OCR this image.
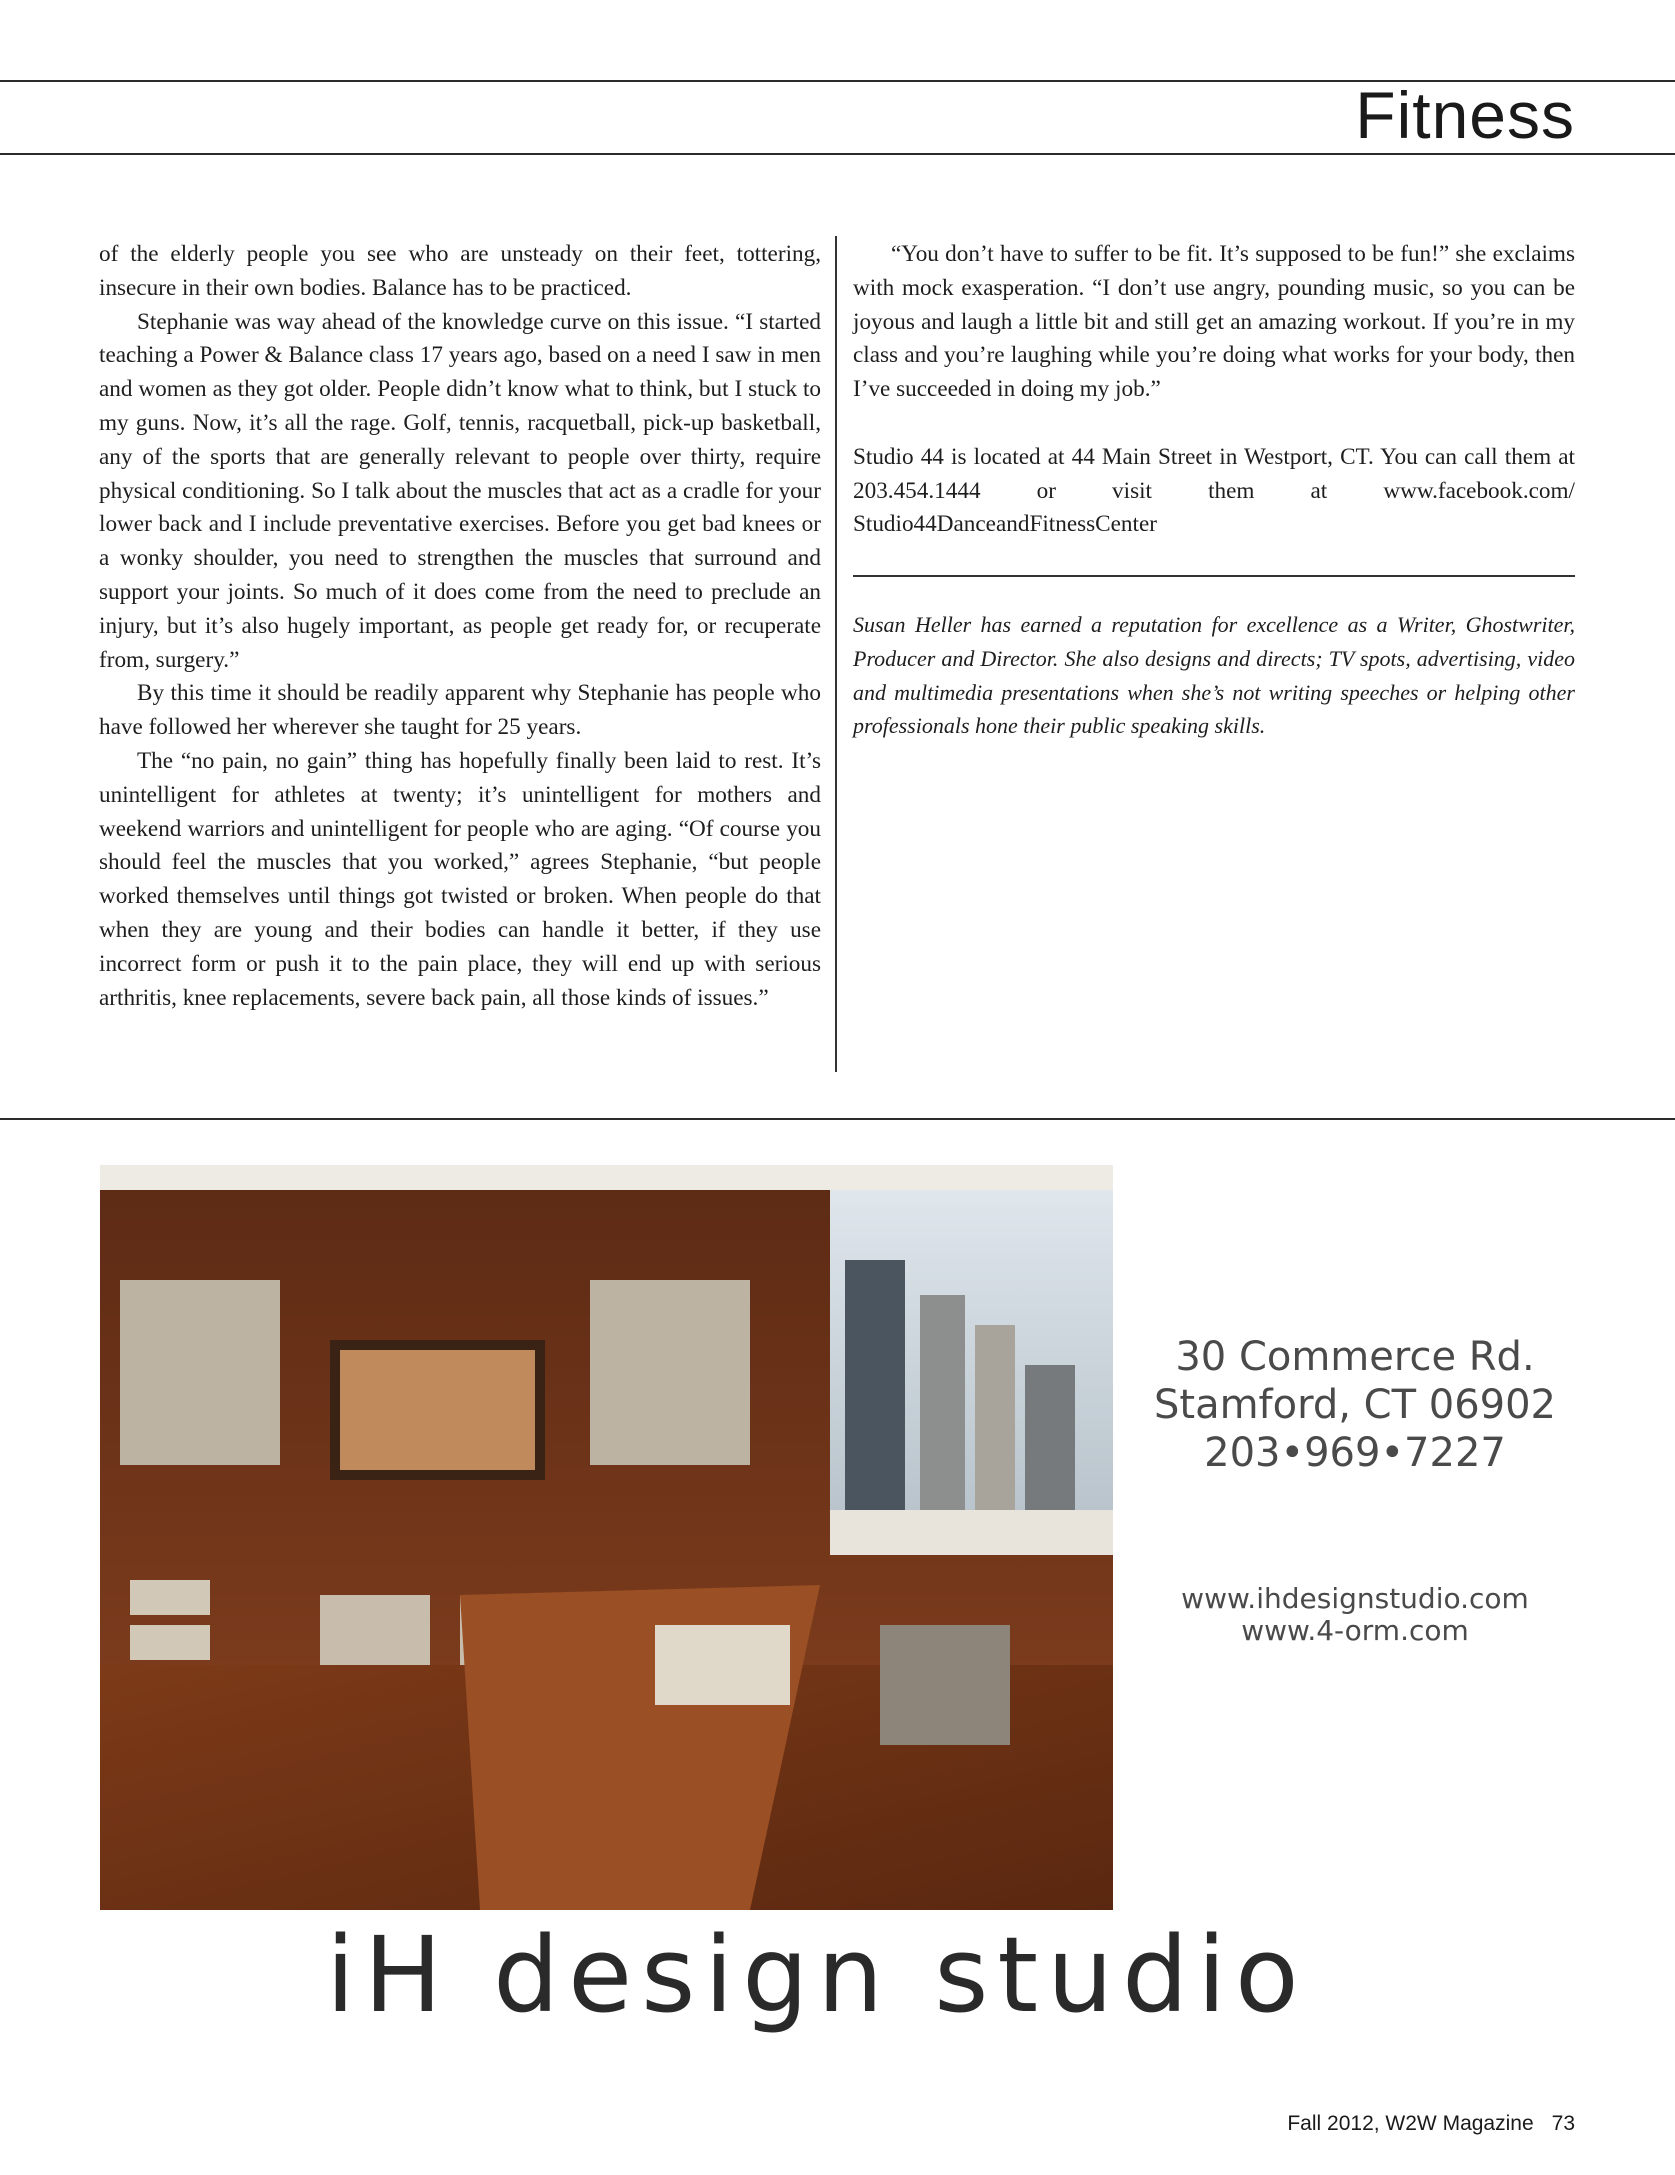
Fitness

of the elderly people you see who are unsteady on their feet, tottering, insecure in their own bodies. Balance has to be practiced.

Stephanie was way ahead of the knowledge curve on this issue. “I started teaching a Power & Balance class 17 years ago, based on a need I saw in men and women as they got older. People didn’t know what to think, but I stuck to my guns. Now, it’s all the rage. Golf, tennis, racquetball, pick-up basketball, any of the sports that are generally relevant to people over thirty, require physical conditioning. So I talk about the muscles that act as a cradle for your lower back and I include preventative exercises. Before you get bad knees or a wonky shoulder, you need to strengthen the muscles that surround and support your joints. So much of it does come from the need to preclude an injury, but it’s also hugely important, as people get ready for, or recuperate from, surgery.”

By this time it should be readily apparent why Stephanie has people who have followed her wherever she taught for 25 years.

The “no pain, no gain” thing has hopefully finally been laid to rest. It’s unintelligent for athletes at twenty; it’s unintelligent for mothers and weekend warriors and unintelligent for people who are aging. “Of course you should feel the muscles that you worked,” agrees Stephanie, “but people worked themselves until things got twisted or broken. When people do that when they are young and their bodies can handle it better, if they use incorrect form or push it to the pain place, they will end up with serious arthritis, knee replacements, severe back pain, all those kinds of issues.”

“You don’t have to suffer to be fit. It’s supposed to be fun!” she exclaims with mock exasperation. “I don’t use angry, pounding music, so you can be joyous and laugh a little bit and still get an amazing workout. If you’re in my class and you’re laughing while you’re doing what works for your body, then I’ve succeeded in doing my job.”

Studio 44 is located at 44 Main Street in Westport, CT. You can call them at 203.454.1444 or visit them at www.facebook.com/ Studio44DanceandFitnessCenter

Susan Heller has earned a reputation for excellence as a Writer, Ghostwriter, Producer and Director. She also designs and directs; TV spots, advertising, video and multimedia presentations when she’s not writing speeches or helping other professionals hone their public speaking skills.

30 Commerce Rd.
Stamford, CT 06902
203•969•7227
www.ihdesignstudio.com
www.4-orm.com
iH design studio
Fall 2012, W2W Magazine 73
